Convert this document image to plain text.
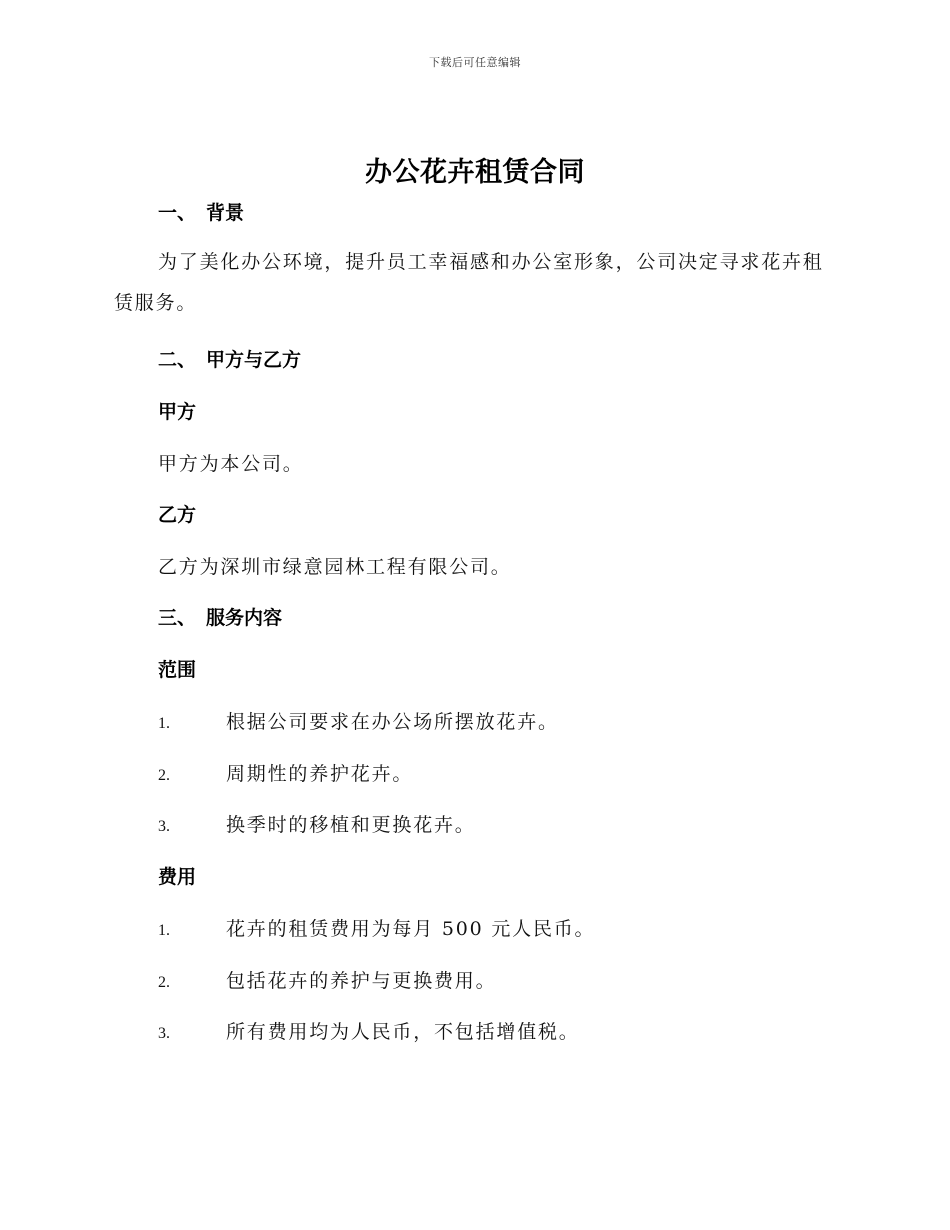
下载后可任意编辑
办公花卉租赁合同
一、 背景
为了美化办公环境，提升员工幸福感和办公室形象，公司决定寻求花卉租赁服务。
二、 甲方与乙方
甲方
甲方为本公司。
乙方
乙方为深圳市绿意园林工程有限公司。
三、 服务内容
范围
1.	根据公司要求在办公场所摆放花卉。
2.	周期性的养护花卉。
3.	换季时的移植和更换花卉。
费用
1.	花卉的租赁费用为每月 500 元人民币。
2.	包括花卉的养护与更换费用。
3.	所有费用均为人民币，不包括增值税。
